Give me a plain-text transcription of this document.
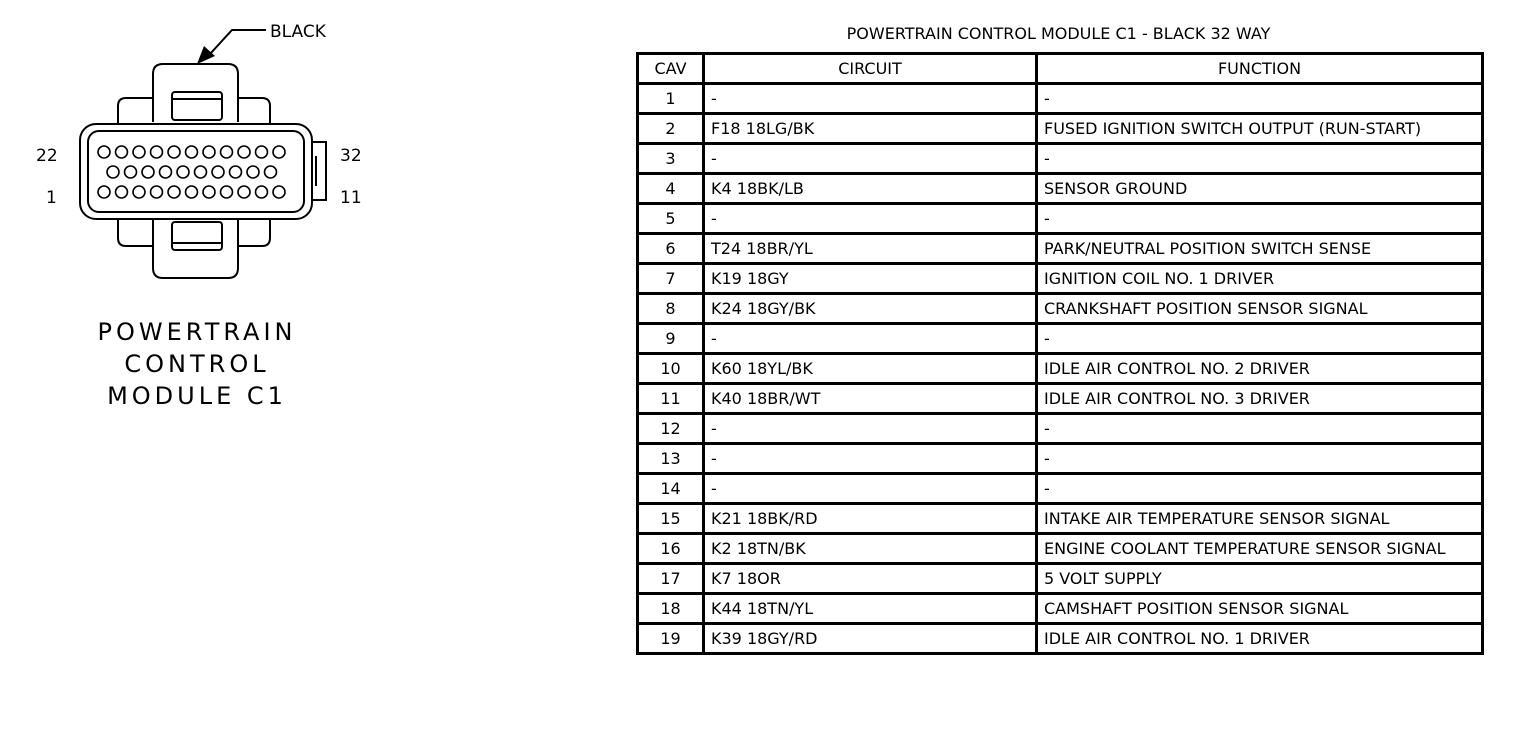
BLACK
22	32
1	11
POWERTRAIN
CONTROL
MODULE C1
POWERTRAIN CONTROL MODULE C1 - BLACK 32 WAY
CAV	CIRCUIT	FUNCTION
1	-	-
2	F18 18LG/BK	FUSED IGNITION SWITCH OUTPUT (RUN-START)
3	-	-
4	K4 18BK/LB	SENSOR GROUND
5	-	-
6	T24 18BR/YL	PARK/NEUTRAL POSITION SWITCH SENSE
7	K19 18GY	IGNITION COIL NO. 1 DRIVER
8	K24 18GY/BK	CRANKSHAFT POSITION SENSOR SIGNAL
9	-	-
10	K60 18YL/BK	IDLE AIR CONTROL NO. 2 DRIVER
11	K40 18BR/WT	IDLE AIR CONTROL NO. 3 DRIVER
12	-	-
13	-	-
14	-	-
15	K21 18BK/RD	INTAKE AIR TEMPERATURE SENSOR SIGNAL
16	K2 18TN/BK	ENGINE COOLANT TEMPERATURE SENSOR SIGNAL
17	K7 18OR	5 VOLT SUPPLY
18	K44 18TN/YL	CAMSHAFT POSITION SENSOR SIGNAL
19	K39 18GY/RD	IDLE AIR CONTROL NO. 1 DRIVER
